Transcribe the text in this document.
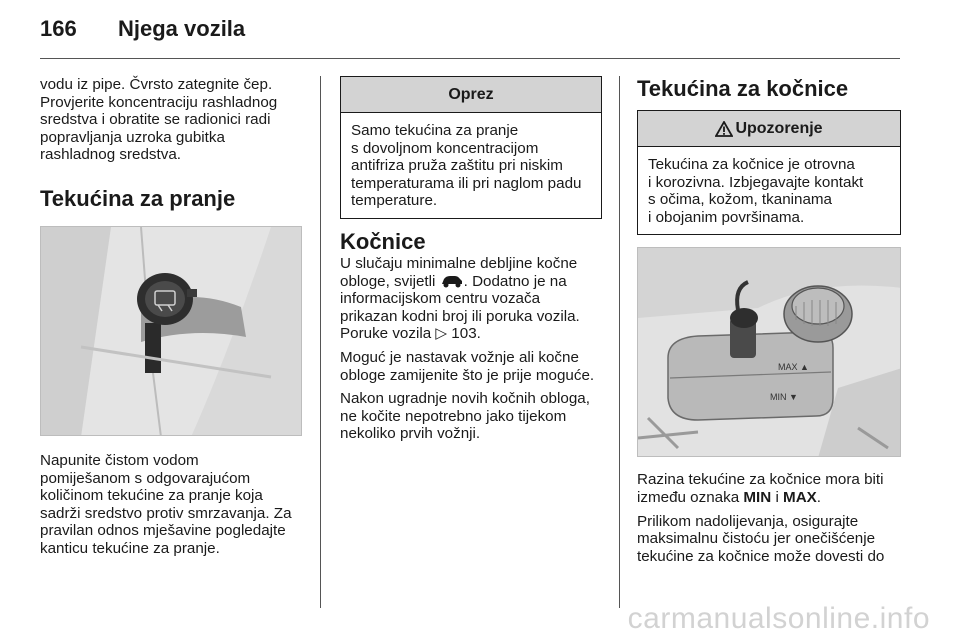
166	Njega vozila
vodu iz pipe. Čvrsto zategnite čep.
Provjerite koncentraciju rashladnog
sredstva i obratite se radionici radi
popravljanja uzroka gubitka
rashladnog sredstva.
Tekućina za pranje
Napunite čistom vodom
pomiješanom s odgovarajućom
količinom tekućine za pranje koja
sadrži sredstvo protiv smrzavanja. Za
pravilan odnos mješavine pogledajte
kanticu tekućine za pranje.
Oprez
Samo tekućina za pranje
s dovoljnom koncentracijom
antifriza pruža zaštitu pri niskim
temperaturama ili pri naglom padu
temperature.
Kočnice
U slučaju minimalne debljine kočne
obloge, svijetli . Dodatno je na
informacijskom centru vozača
prikazan kodni broj ili poruka vozila.
Poruke vozila ▷ 103.
Moguć je nastavak vožnje ali kočne
obloge zamijenite što je prije moguće.
Nakon ugradnje novih kočnih obloga,
ne kočite nepotrebno jako tijekom
nekoliko prvih vožnji.
Tekućina za kočnice
Upozorenje
Tekućina za kočnice je otrovna
i korozivna. Izbjegavajte kontakt
s očima, kožom, tkaninama
i obojanim površinama.
MAX ▲
MIN ▼
Razina tekućine za kočnice mora biti
između oznaka MIN i MAX.
Prilikom nadolijevanja, osigurajte
maksimalnu čistoću jer onečišćenje
tekućine za kočnice može dovesti do
carmanualsonline.info
